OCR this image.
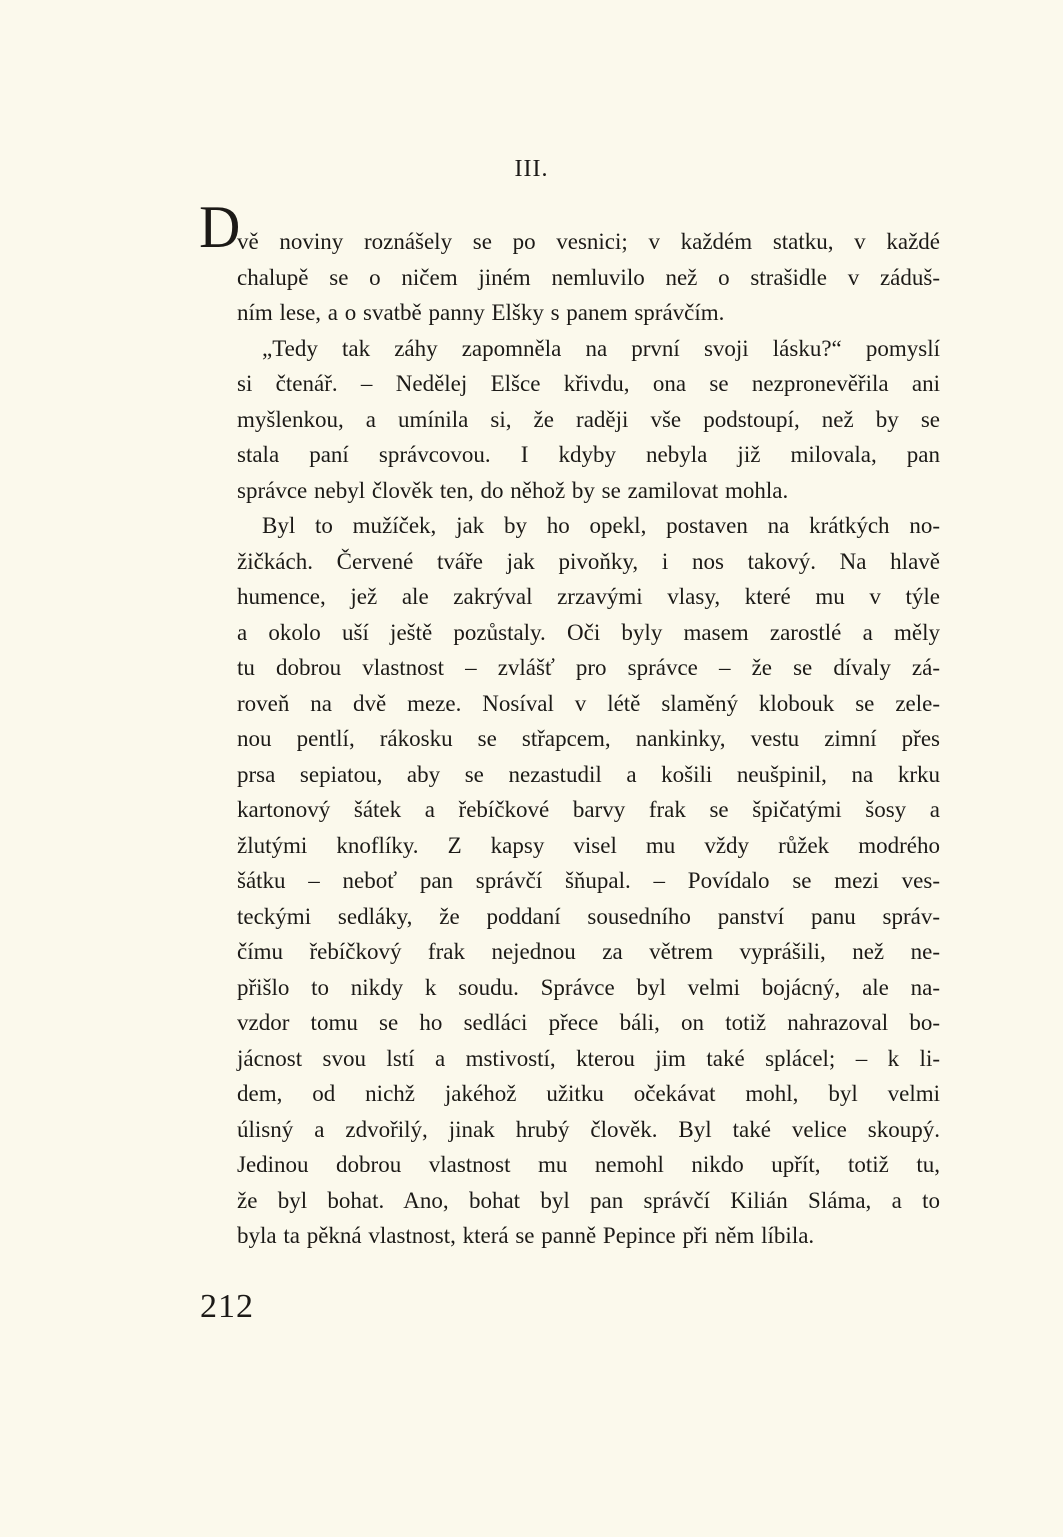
III.
D
vě noviny roznášely se po vesnici; v každém statku, v každé
chalupě se o ničem jiném nemluvilo než o strašidle v záduš-
ním lese, a o svatbě panny Elšky s panem správčím.
„Tedy tak záhy zapomněla na první svoji lásku?“ pomyslí
si čtenář. – Nedělej Elšce křivdu, ona se nezpronevěřila ani
myšlenkou, a umínila si, že raději vše podstoupí, než by se
stala paní správcovou. I kdyby nebyla již milovala, pan
správce nebyl člověk ten, do něhož by se zamilovat mohla.
Byl to mužíček, jak by ho opekl, postaven na krátkých no-
žičkách. Červené tváře jak pivoňky, i nos takový. Na hlavě
humence, jež ale zakrýval zrzavými vlasy, které mu v týle
a okolo uší ještě pozůstaly. Oči byly masem zarostlé a měly
tu dobrou vlastnost – zvlášť pro správce – že se dívaly zá-
roveň na dvě meze. Nosíval v létě slaměný klobouk se zele-
nou pentlí, rákosku se střapcem, nankinky, vestu zimní přes
prsa sepiatou, aby se nezastudil a košili neušpinil, na krku
kartonový šátek a řebíčkové barvy frak se špičatými šosy a
žlutými knoflíky. Z kapsy visel mu vždy růžek modrého
šátku – neboť pan správčí šňupal. – Povídalo se mezi ves-
teckými sedláky, že poddaní sousedního panství panu správ-
čímu řebíčkový frak nejednou za větrem vyprášili, než ne-
přišlo to nikdy k soudu. Správce byl velmi bojácný, ale na-
vzdor tomu se ho sedláci přece báli, on totiž nahrazoval bo-
jácnost svou lstí a mstivostí, kterou jim také splácel; – k li-
dem, od nichž jakéhož užitku očekávat mohl, byl velmi
úlisný a zdvořilý, jinak hrubý člověk. Byl také velice skoupý.
Jedinou dobrou vlastnost mu nemohl nikdo upřít, totiž tu,
že byl bohat. Ano, bohat byl pan správčí Kilián Sláma, a to
byla ta pěkná vlastnost, která se panně Pepince při něm líbila.
212
